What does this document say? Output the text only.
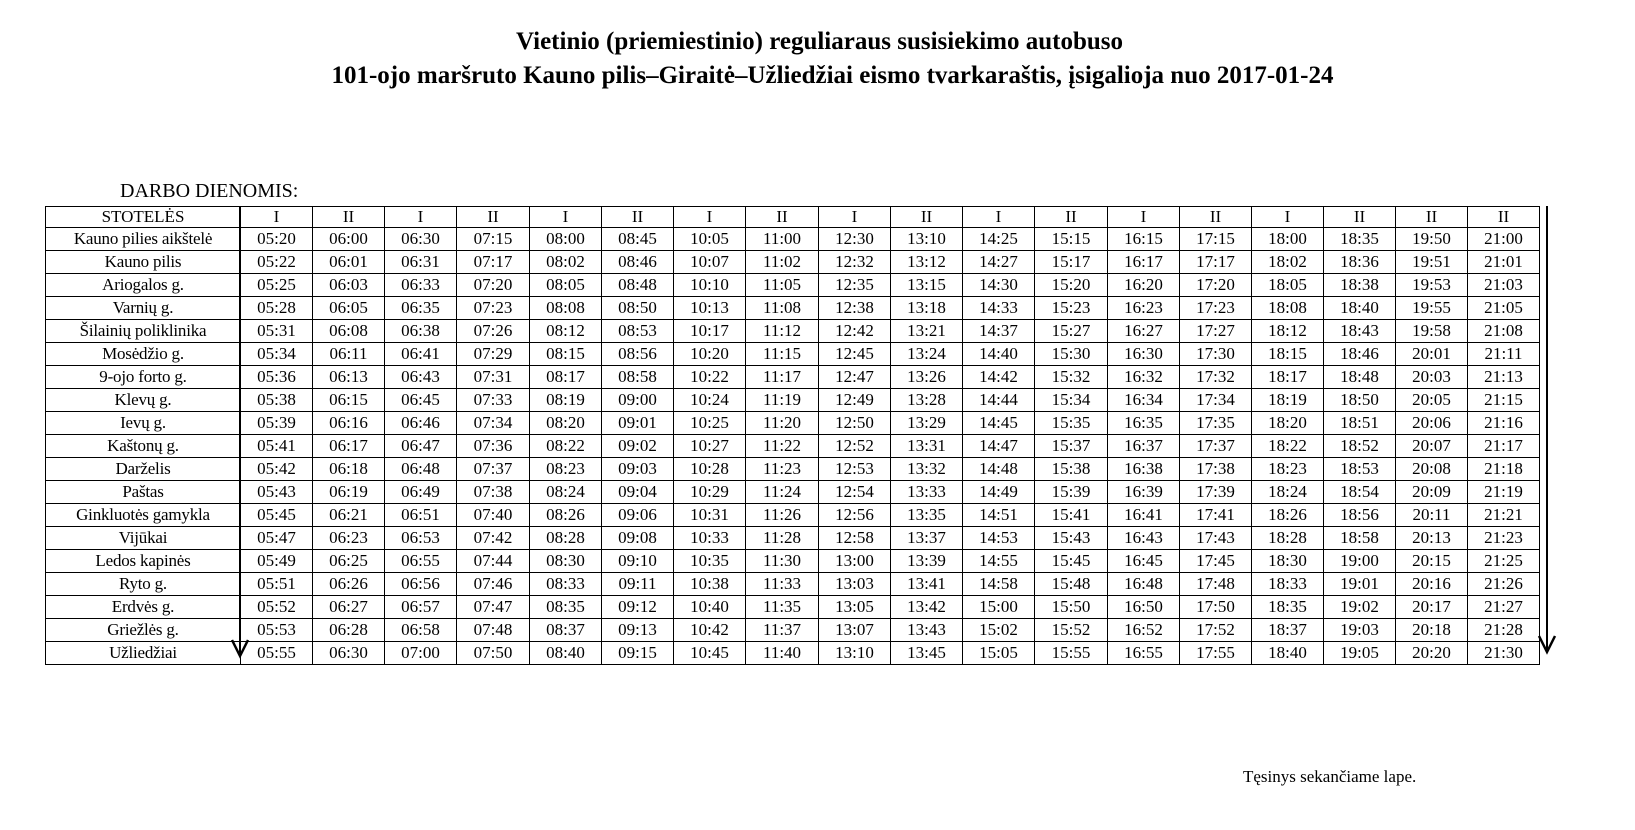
Vietinio (priemiestinio) reguliaraus susisiekimo autobuso
101-ojo maršruto Kauno pilis–Giraitė–Užliedžiai eismo tvarkaraštis, įsigalioja nuo 2017-01-24
DARBO DIENOMIS:
STOTELĖS	I	II	I	II	I	II	I	II	I	II	I	II	I	II	I	II	II	II
Kauno pilies aikštelė	05:20	06:00	06:30	07:15	08:00	08:45	10:05	11:00	12:30	13:10	14:25	15:15	16:15	17:15	18:00	18:35	19:50	21:00
Kauno pilis	05:22	06:01	06:31	07:17	08:02	08:46	10:07	11:02	12:32	13:12	14:27	15:17	16:17	17:17	18:02	18:36	19:51	21:01
Ariogalos g.	05:25	06:03	06:33	07:20	08:05	08:48	10:10	11:05	12:35	13:15	14:30	15:20	16:20	17:20	18:05	18:38	19:53	21:03
Varnių g.	05:28	06:05	06:35	07:23	08:08	08:50	10:13	11:08	12:38	13:18	14:33	15:23	16:23	17:23	18:08	18:40	19:55	21:05
Šilainių poliklinika	05:31	06:08	06:38	07:26	08:12	08:53	10:17	11:12	12:42	13:21	14:37	15:27	16:27	17:27	18:12	18:43	19:58	21:08
Mosėdžio g.	05:34	06:11	06:41	07:29	08:15	08:56	10:20	11:15	12:45	13:24	14:40	15:30	16:30	17:30	18:15	18:46	20:01	21:11
9-ojo forto g.	05:36	06:13	06:43	07:31	08:17	08:58	10:22	11:17	12:47	13:26	14:42	15:32	16:32	17:32	18:17	18:48	20:03	21:13
Klevų g.	05:38	06:15	06:45	07:33	08:19	09:00	10:24	11:19	12:49	13:28	14:44	15:34	16:34	17:34	18:19	18:50	20:05	21:15
Ievų g.	05:39	06:16	06:46	07:34	08:20	09:01	10:25	11:20	12:50	13:29	14:45	15:35	16:35	17:35	18:20	18:51	20:06	21:16
Kaštonų g.	05:41	06:17	06:47	07:36	08:22	09:02	10:27	11:22	12:52	13:31	14:47	15:37	16:37	17:37	18:22	18:52	20:07	21:17
Darželis	05:42	06:18	06:48	07:37	08:23	09:03	10:28	11:23	12:53	13:32	14:48	15:38	16:38	17:38	18:23	18:53	20:08	21:18
Paštas	05:43	06:19	06:49	07:38	08:24	09:04	10:29	11:24	12:54	13:33	14:49	15:39	16:39	17:39	18:24	18:54	20:09	21:19
Ginkluotės gamykla	05:45	06:21	06:51	07:40	08:26	09:06	10:31	11:26	12:56	13:35	14:51	15:41	16:41	17:41	18:26	18:56	20:11	21:21
Vijūkai	05:47	06:23	06:53	07:42	08:28	09:08	10:33	11:28	12:58	13:37	14:53	15:43	16:43	17:43	18:28	18:58	20:13	21:23
Ledos kapinės	05:49	06:25	06:55	07:44	08:30	09:10	10:35	11:30	13:00	13:39	14:55	15:45	16:45	17:45	18:30	19:00	20:15	21:25
Ryto g.	05:51	06:26	06:56	07:46	08:33	09:11	10:38	11:33	13:03	13:41	14:58	15:48	16:48	17:48	18:33	19:01	20:16	21:26
Erdvės g.	05:52	06:27	06:57	07:47	08:35	09:12	10:40	11:35	13:05	13:42	15:00	15:50	16:50	17:50	18:35	19:02	20:17	21:27
Griežlės g.	05:53	06:28	06:58	07:48	08:37	09:13	10:42	11:37	13:07	13:43	15:02	15:52	16:52	17:52	18:37	19:03	20:18	21:28
Užliedžiai	05:55	06:30	07:00	07:50	08:40	09:15	10:45	11:40	13:10	13:45	15:05	15:55	16:55	17:55	18:40	19:05	20:20	21:30
Tęsinys sekančiame lape.
